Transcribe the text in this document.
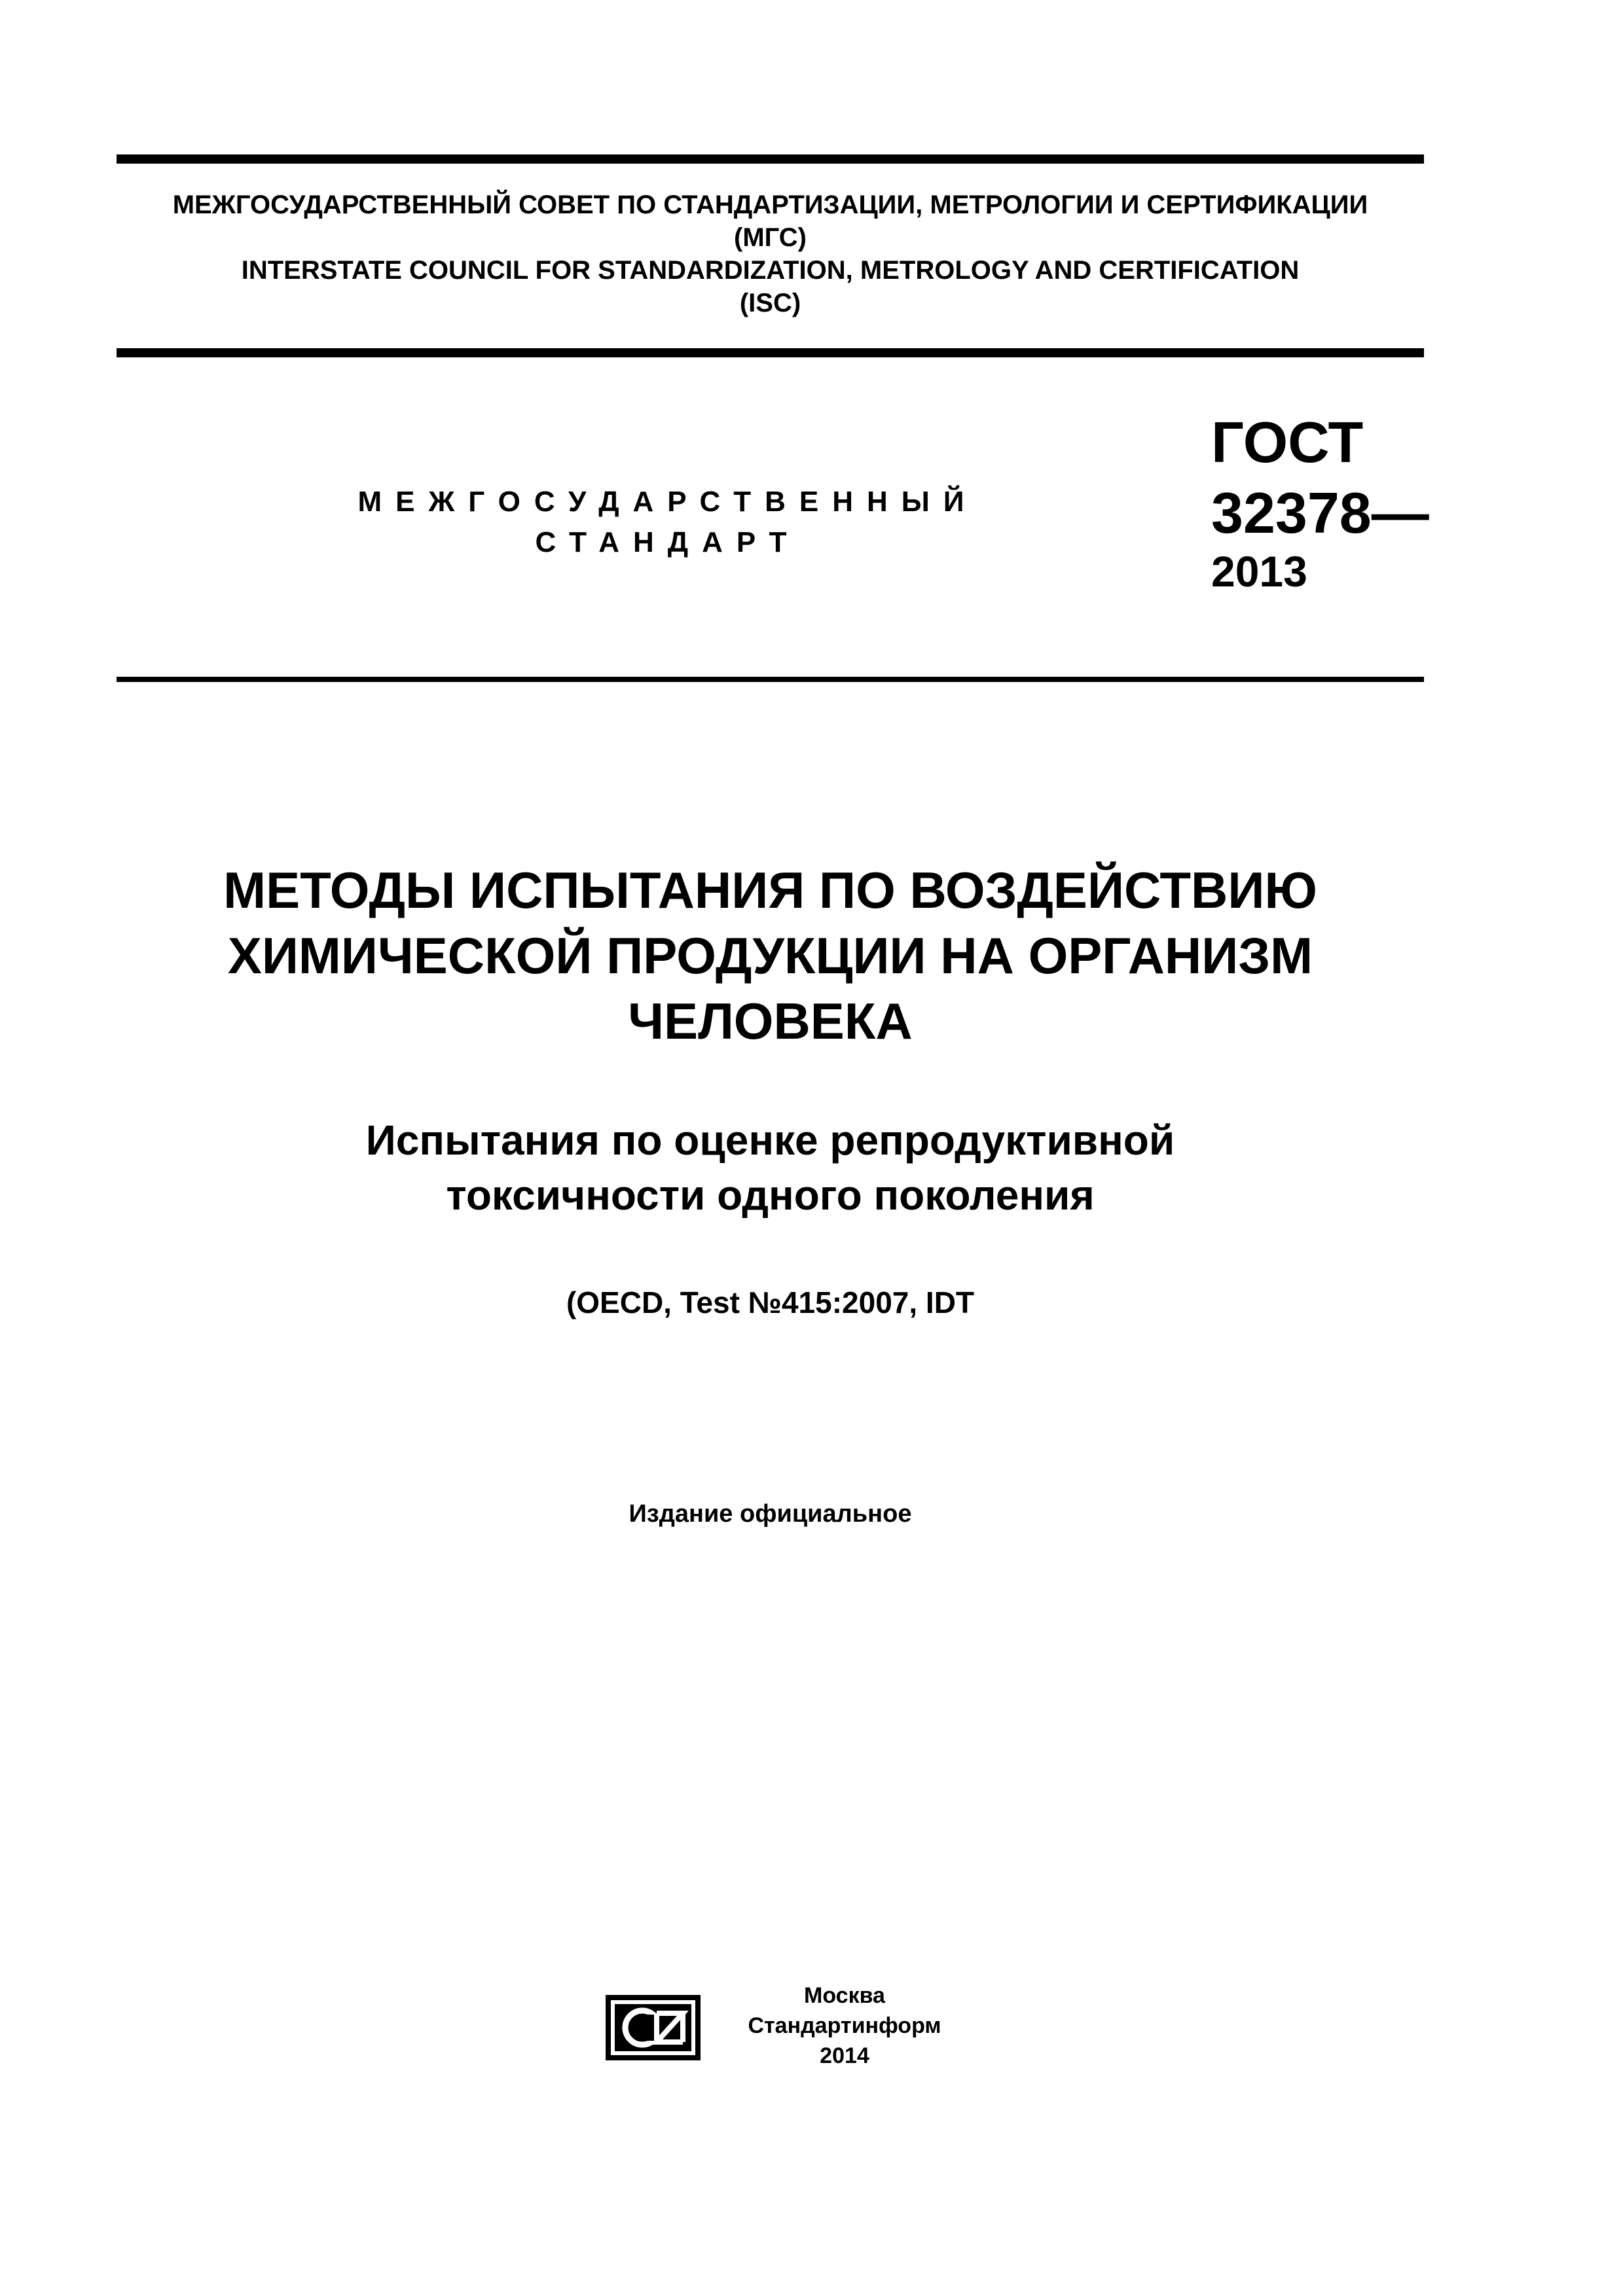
МЕЖГОСУДАРСТВЕННЫЙ СОВЕТ ПО СТАНДАРТИЗАЦИИ, МЕТРОЛОГИИ И СЕРТИФИКАЦИИ
(МГС)
INTERSTATE COUNCIL FOR STANDARDIZATION, METROLOGY AND CERTIFICATION
(ISC)
МЕЖГОСУДАРСТВЕННЫЙ
СТАНДАРТ
ГОСТ
32378—
2013
МЕТОДЫ ИСПЫТАНИЯ ПО ВОЗДЕЙСТВИЮ
ХИМИЧЕСКОЙ ПРОДУКЦИИ НА ОРГАНИЗМ
ЧЕЛОВЕКА
Испытания по оценке репродуктивной
токсичности одного поколения
(OECD, Test №415:2007, IDT
Издание официальное
Москва
Стандартинформ
2014
